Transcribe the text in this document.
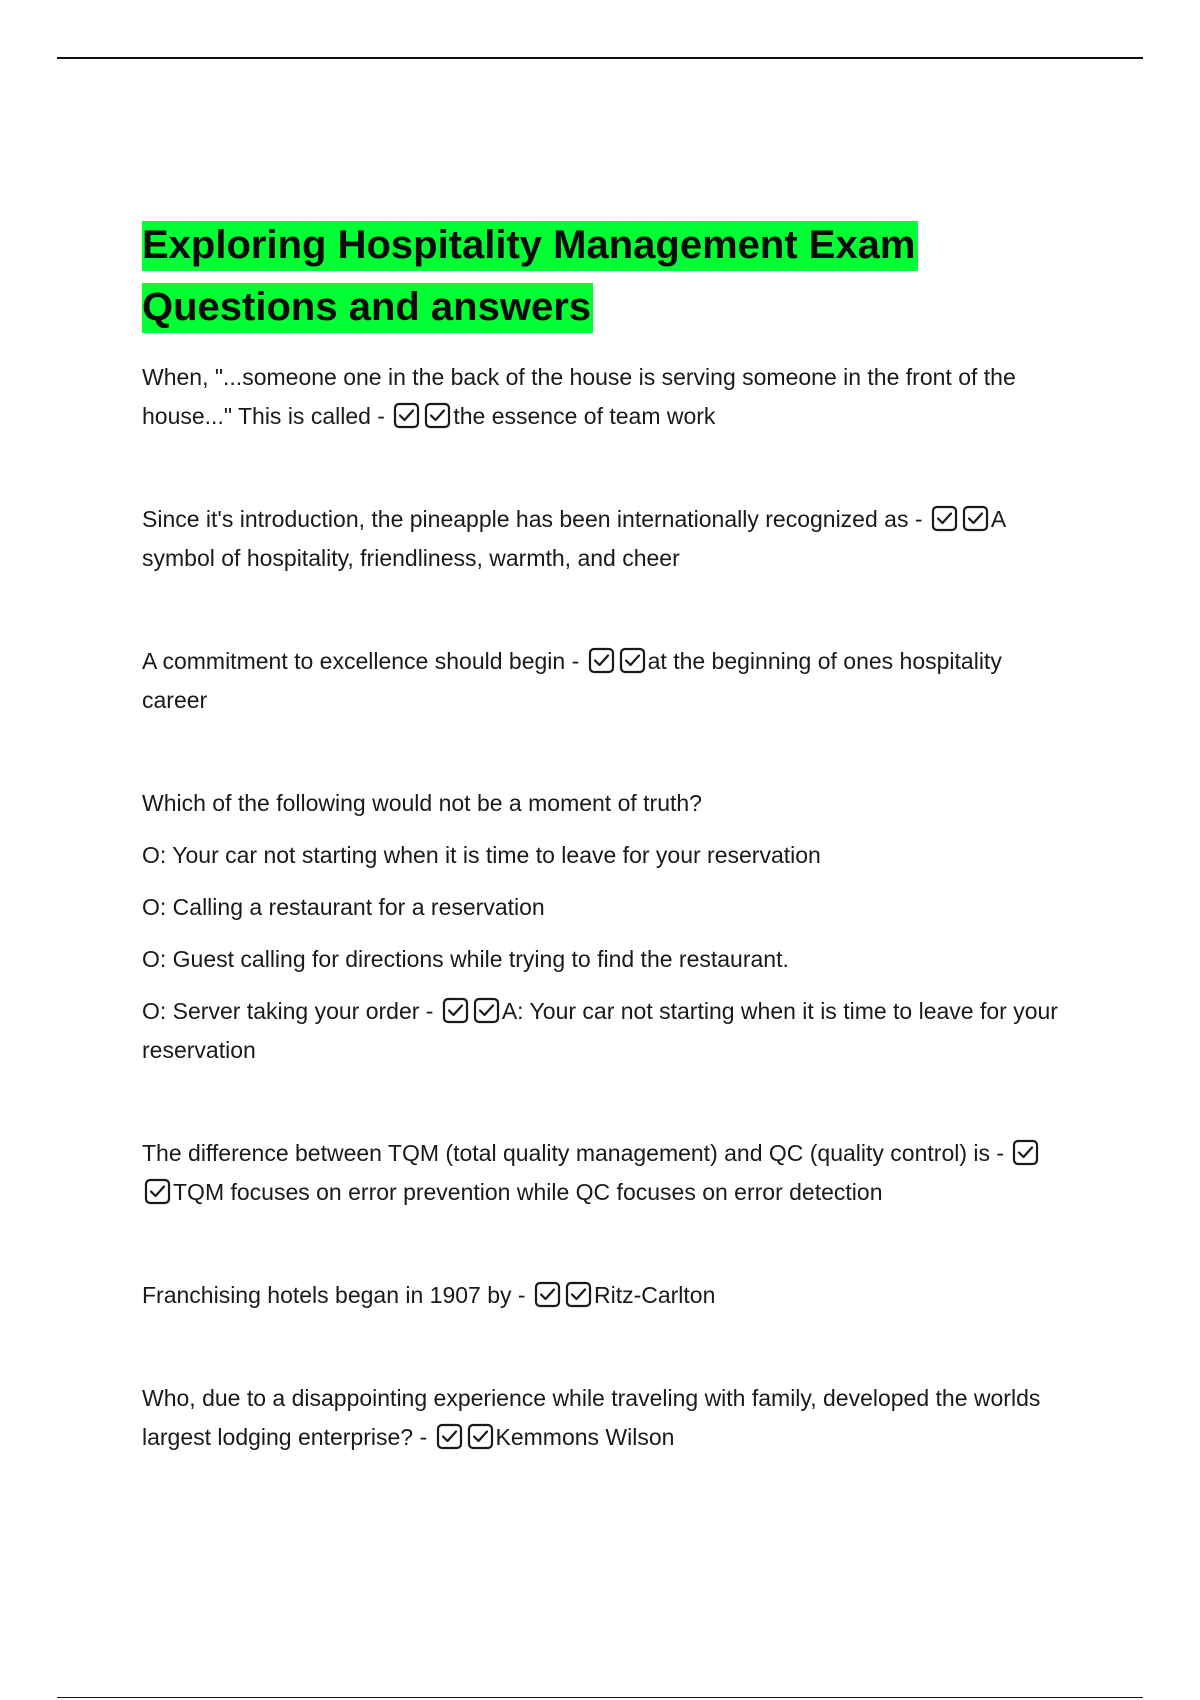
Exploring Hospitality Management Exam
Questions and answers

When, "...someone one in the back of the house is serving someone in the front of the house..." This is called -	the essence of team work

Since it's introduction, the pineapple has been internationally recognized as -	A symbol of hospitality, friendliness, warmth, and cheer

A commitment to excellence should begin -	at the beginning of ones hospitality career

Which of the following would not be a moment of truth?

O: Your car not starting when it is time to leave for your reservation

O: Calling a restaurant for a reservation

O: Guest calling for directions while trying to find the restaurant.

O: Server taking your order -	A: Your car not starting when it is time to leave for your reservation

The difference between TQM (total quality management) and QC (quality control) is -
TQM focuses on error prevention while QC focuses on error detection

Franchising hotels began in 1907 by -	Ritz-Carlton

Who, due to a disappointing experience while traveling with family, developed the worlds largest lodging enterprise? -	Kemmons Wilson
